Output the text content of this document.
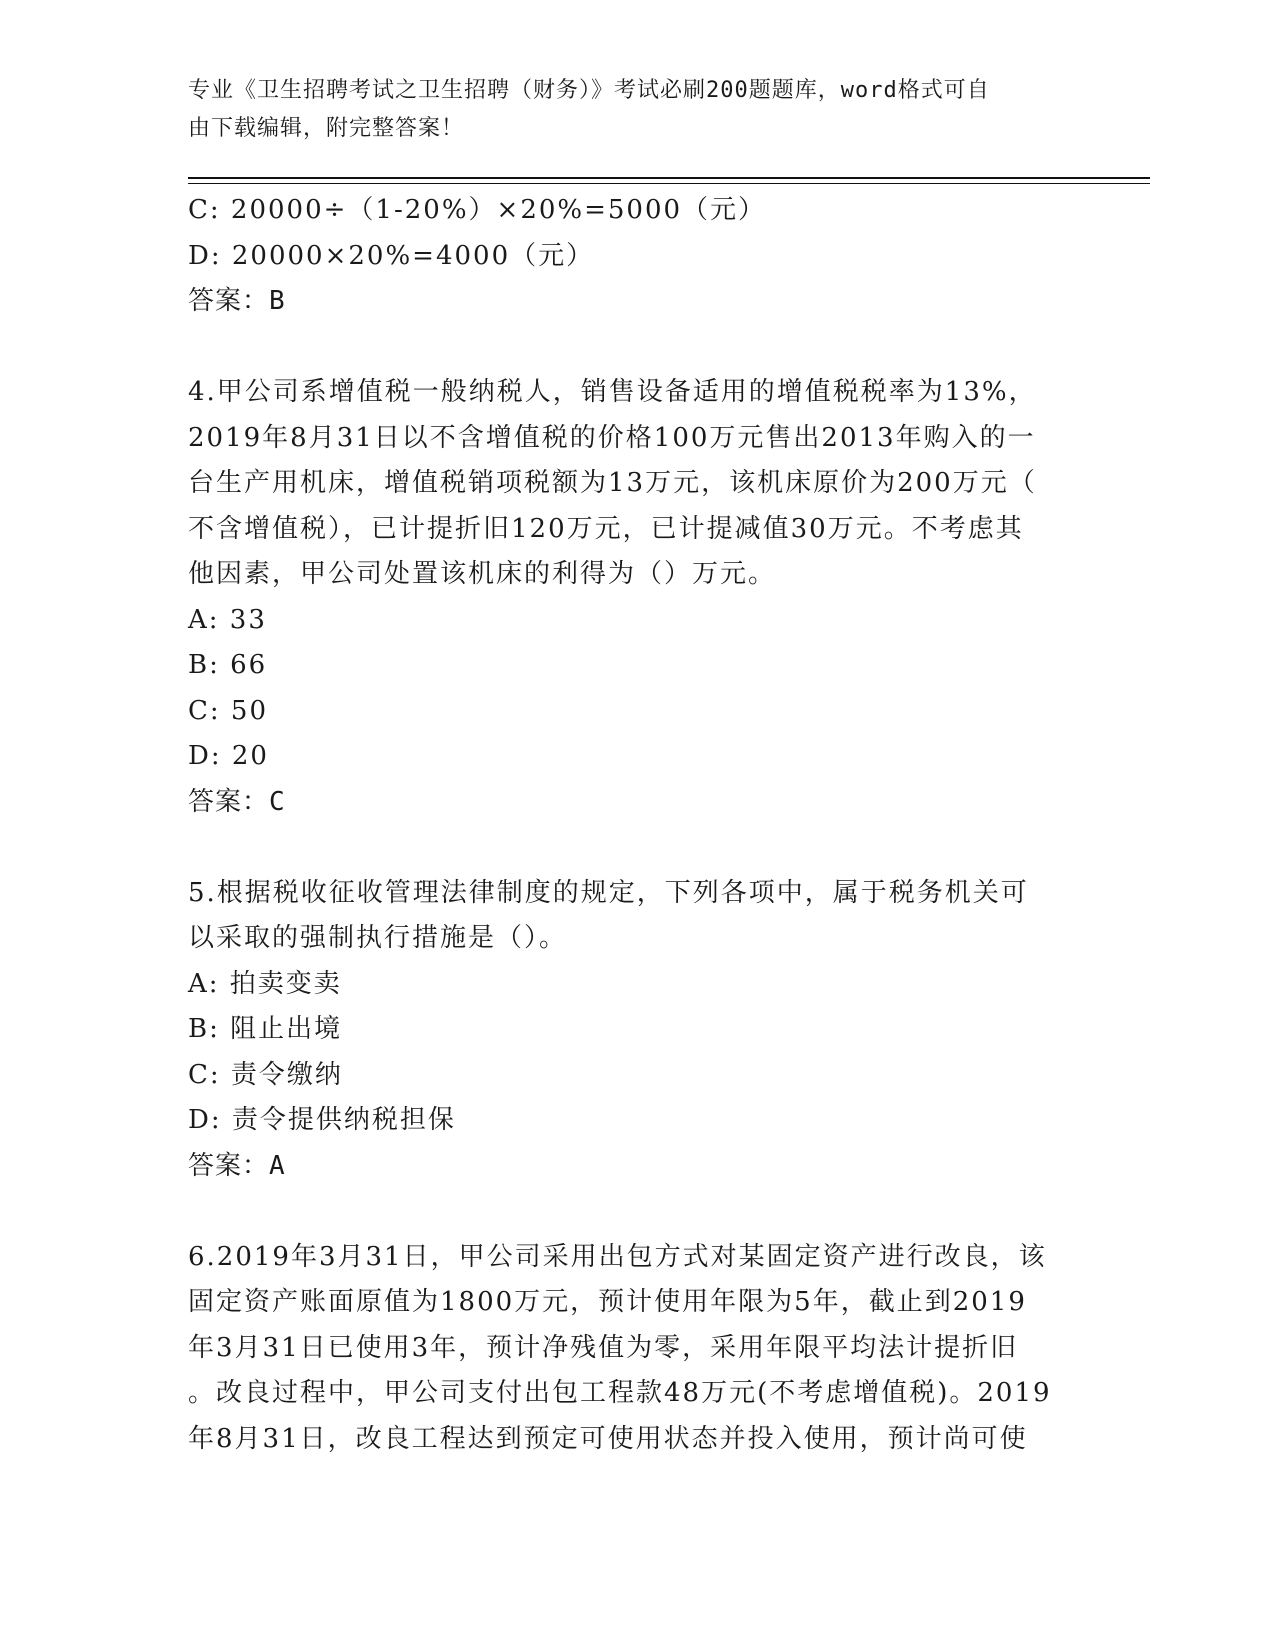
专业《卫生招聘考试之卫生招聘（财务）》考试必刷200题题库，word格式可自
由下载编辑，附完整答案！
C: 20000÷（1-20%）×20%=5000（元）
D: 20000×20%=4000（元）
答案：B
4.甲公司系增值税一般纳税人，销售设备适用的增值税税率为13%，
2019年8月31日以不含增值税的价格100万元售出2013年购入的一
台生产用机床，增值税销项税额为13万元，该机床原价为200万元（
不含增值税），已计提折旧120万元，已计提减值30万元。不考虑其
他因素，甲公司处置该机床的利得为（）万元。
A: 33
B: 66
C: 50
D: 20
答案：C
5.根据税收征收管理法律制度的规定，下列各项中，属于税务机关可
以采取的强制执行措施是（）。
A: 拍卖变卖
B: 阻止出境
C: 责令缴纳
D: 责令提供纳税担保
答案：A
6.2019年3月31日，甲公司采用出包方式对某固定资产进行改良，该
固定资产账面原值为1800万元，预计使用年限为5年，截止到2019
年3月31日已使用3年，预计净残值为零，采用年限平均法计提折旧
。改良过程中，甲公司支付出包工程款48万元(不考虑增值税)。2019
年8月31日，改良工程达到预定可使用状态并投入使用，预计尚可使
